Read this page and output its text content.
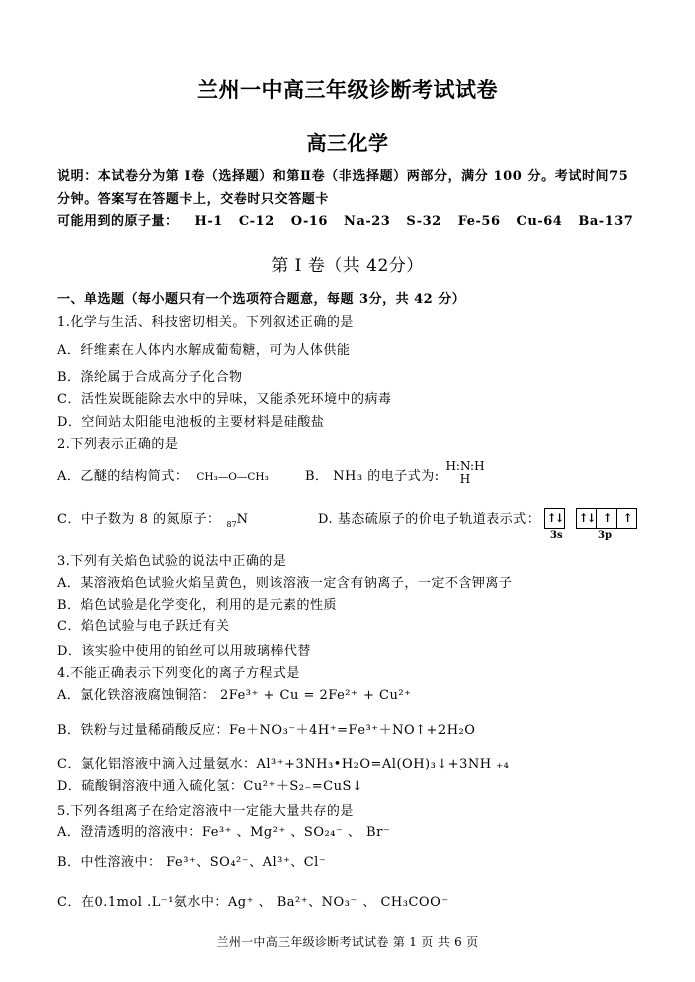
兰州一中高三年级诊断考试试卷
高三化学
说明：本试卷分为第 Ⅰ卷（选择题）和第Ⅱ卷（非选择题）两部分，满分 100 分。考试时间75
分钟。答案写在答题卡上，交卷时只交答题卡
可能用到的原子量： H-1 C-12 O-16 Na-23 S-32 Fe-56 Cu-64 Ba-137
第 I 卷（共 42分）
一、单选题（每小题只有一个选项符合题意，每题 3分，共 42 分）
1.化学与生活、科技密切相关。下列叙述正确的是
A．纤维素在人体内水解成葡萄糖，可为人体供能
B．涤纶属于合成高分子化合物
C．活性炭既能除去水中的异味，又能杀死环境中的病毒
D．空间站太阳能电池板的主要材料是硅酸盐
2.下列表示正确的是
A．乙醚的结构简式： CH₃—O—CH₃	B． NH₃ 的电子式为:
H:N:H
H
C．中子数为 8 的氮原子： $_{87}$N	D. 基态硫原子的价电子轨道表示式： ↑↓ ↑↓ ↑ ↑
3s	3p
3.下列有关焰色试验的说法中正确的是
A．某溶液焰色试验火焰呈黄色，则该溶液一定含有钠离子，一定不含钾离子
B．焰色试验是化学变化，利用的是元素的性质
C．焰色试验与电子跃迁有关
D．该实验中使用的铂丝可以用玻璃棒代替
4.不能正确表示下列变化的离子方程式是
A．氯化铁溶液腐蚀铜箔： 2Fe³⁺ + Cu = 2Fe²⁺ + Cu²⁺
B．铁粉与过量稀硝酸反应：Fe＋NO₃⁻＋4H⁺=Fe³⁺＋NO↑+2H₂O
C．氯化铝溶液中滴入过量氨水：Al³⁺+3NH₃•H₂O=Al(OH)₃↓+3NH ₊₄
D．硫酸铜溶液中通入硫化氢：Cu²⁺＋S₂₋=CuS↓
5.下列各组离子在给定溶液中一定能大量共存的是
A．澄清透明的溶液中：Fe³⁺ 、Mg²⁺ 、SO₂₄⁻ 、 Br⁻
B．中性溶液中： Fe³⁺、SO₄²⁻、Al³⁺、Cl⁻
C．在0.1mol .L⁻¹氨水中：Ag⁺ 、 Ba²⁺、NO₃⁻ 、 CH₃COO⁻
兰州一中高三年级诊断考试试卷 第 1 页 共 6 页
